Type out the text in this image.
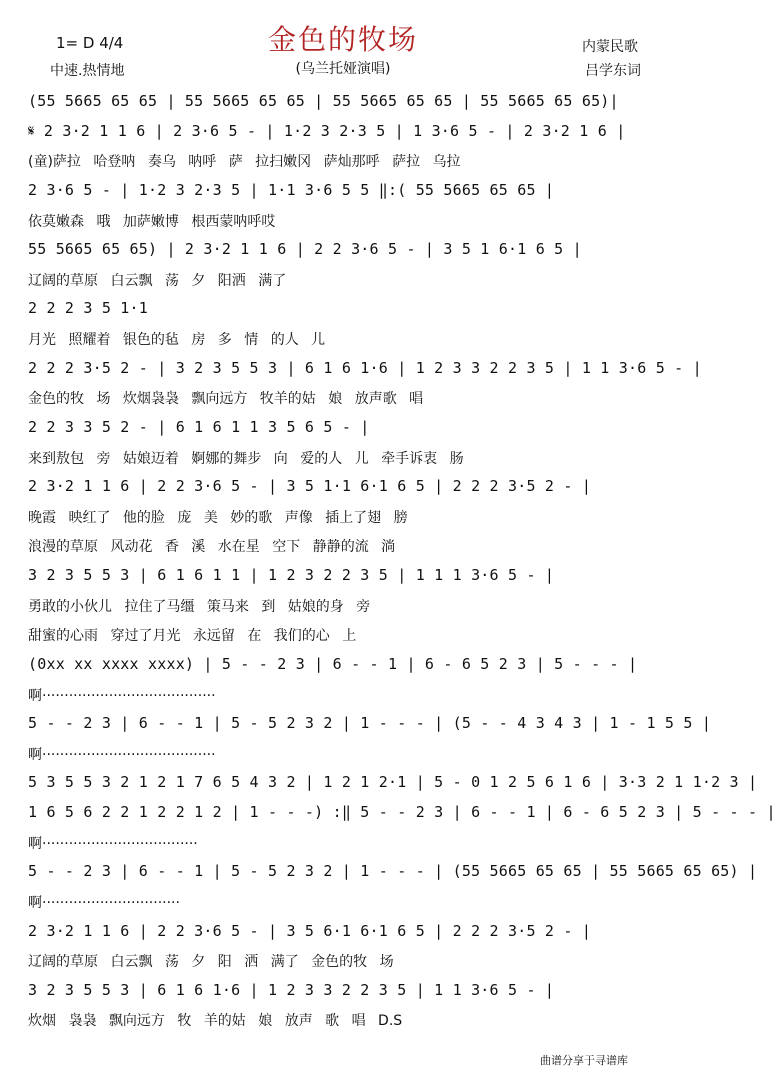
金色的牧场
(乌兰托娅演唱)
1= D 4/4
中速.热情地
内蒙民歌
吕学东词
(55 5665 65 65 | 55 5665 65 65 | 55 5665 65 65 | 55 5665 65 65)|
𝄋 2 3·2 1 1 6 | 2 3·6 5 - | 1·2 3 2·3 5 | 1 3·6 5 - | 2 3·2 1 6 |
(童)萨拉 哈登呐 奏乌 呐呼 萨 拉扫嫩冈 萨灿那呼 萨拉 乌拉
2 3·6 5 - | 1·2 3 2·3 5 | 1·1 3·6 5 5 ‖:( 55 5665 65 65 |
依莫嫩森 哦 加萨嫩博 根西蒙呐呼哎
55 5665 65 65) | 2 3·2 1 1 6 | 2 2 3·6 5 - | 3 5 1 6·1 6 5 |
辽阔的草原 白云飘 荡 夕 阳洒 满了
2 2 2 3 5 1·1
月光 照耀着 银色的毡 房 多 情 的人 儿
2 2 2 3·5 2 - | 3 2 3 5 5 3 | 6 1 6 1·6 | 1 2 3 3 2 2 3 5 | 1 1 3·6 5 - |
金色的牧 场 炊烟袅袅 飘向远方 牧羊的姑 娘 放声歌 唱
2 2 3 3 5 2 - | 6 1 6 1 1 3 5 6 5 - |
来到敖包 旁 姑娘迈着 婀娜的舞步 向 爱的人 儿 牵手诉衷 肠
2 3·2 1 1 6 | 2 2 3·6 5 - | 3 5 1·1 6·1 6 5 | 2 2 2 3·5 2 - |
晚霞 映红了 他的脸 庞 美 妙的歌 声像 插上了翅 膀
浪漫的草原 风动花 香 溪 水在星 空下 静静的流 淌
3 2 3 5 5 3 | 6 1 6 1 1 | 1 2 3 2 2 3 5 | 1 1 1 3·6 5 - |
勇敢的小伙儿 拉住了马缰 策马来 到 姑娘的身 旁
甜蜜的心雨 穿过了月光 永远留 在 我们的心 上
(0xx xx xxxx xxxx) | 5 - - 2 3 | 6 - - 1 | 6 - 6 5 2 3 | 5 - - - |
啊·······································
5 - - 2 3 | 6 - - 1 | 5 - 5 2 3 2 | 1 - - - | (5 - - 4 3 4 3 | 1 - 1 5 5 |
啊·······································
5 3 5 5 3 2 1 2 1 7 6 5 4 3 2 | 1 2 1 2·1 | 5 - 0 1 2 5 6 1 6 | 3·3 2 1 1·2 3 |
1 6 5 6 2 2 1 2 2 1 2 | 1 - - -) :‖ 5 - - 2 3 | 6 - - 1 | 6 - 6 5 2 3 | 5 - - - |
啊···································
5 - - 2 3 | 6 - - 1 | 5 - 5 2 3 2 | 1 - - - | (55 5665 65 65 | 55 5665 65 65) |
啊·······························
2 3·2 1 1 6 | 2 2 3·6 5 - | 3 5 6·1 6·1 6 5 | 2 2 2 3·5 2 - |
辽阔的草原 白云飘 荡 夕 阳 洒 满了 金色的牧 场
3 2 3 5 5 3 | 6 1 6 1·6 | 1 2 3 3 2 2 3 5 | 1 1 3·6 5 - |
炊烟 袅袅 飘向远方 牧 羊的姑 娘 放声 歌 唱 D.S
曲谱分享于寻谱库
